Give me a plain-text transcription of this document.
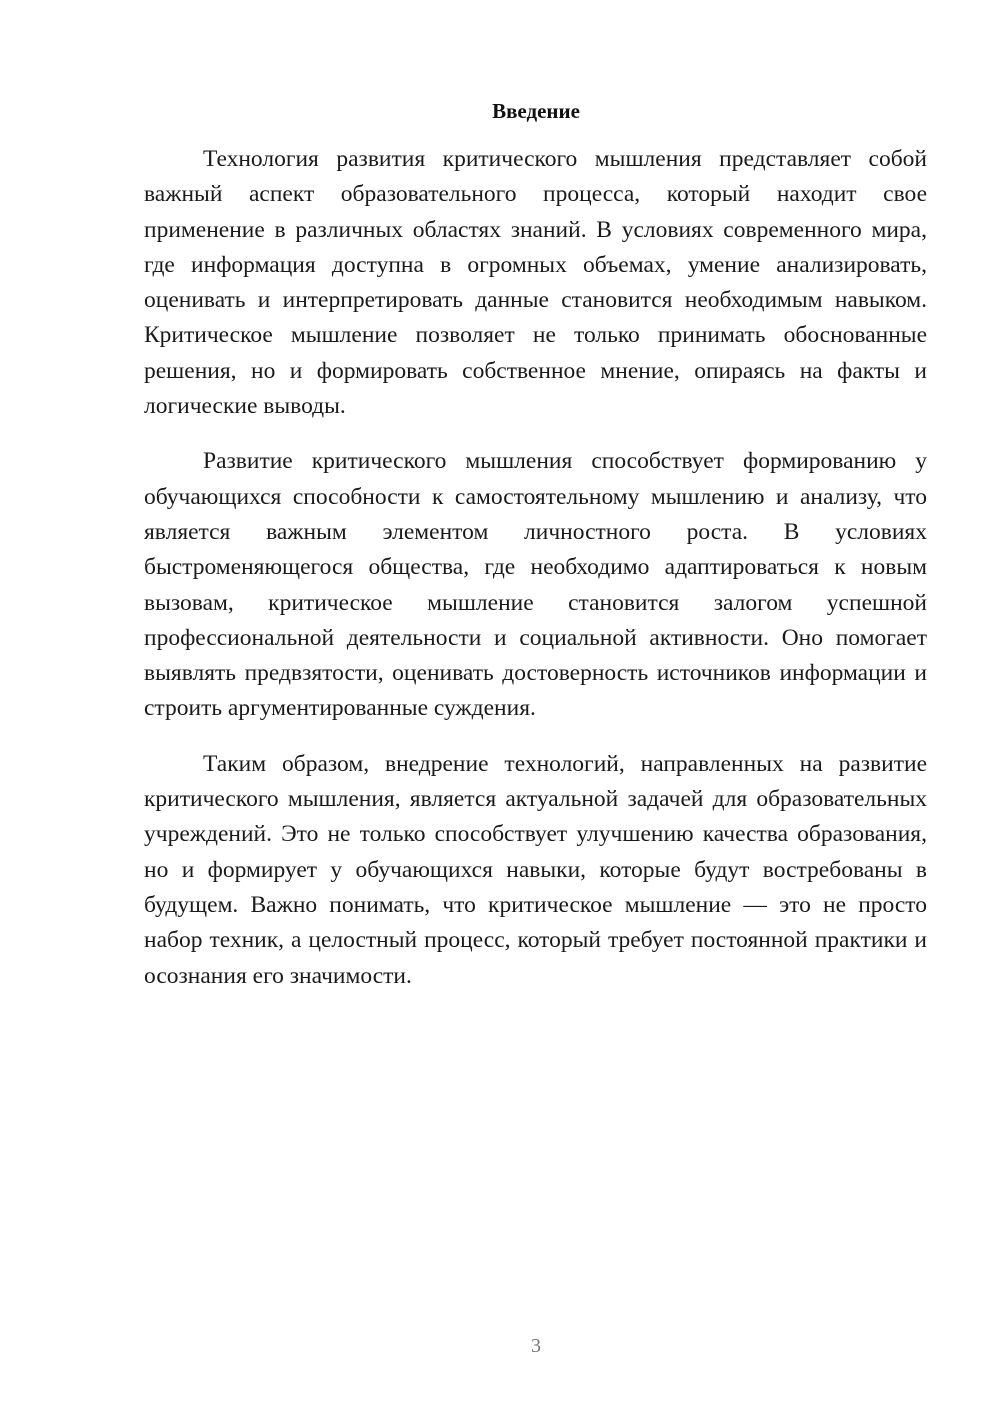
Введение

Технология развития критического мышления представляет собой важный аспект образовательного процесса, который находит свое применение в различных областях знаний. В условиях современного мира, где информация доступна в огромных объемах, умение анализировать, оценивать и интерпретировать данные становится необходимым навыком. Критическое мышление позволяет не только принимать обоснованные решения, но и формировать собственное мнение, опираясь на факты и логические выводы.

Развитие критического мышления способствует формированию у обучающихся способности к самостоятельному мышлению и анализу, что является важным элементом личностного роста. В условиях быстроменяющегося общества, где необходимо адаптироваться к новым вызовам, критическое мышление становится залогом успешной профессиональной деятельности и социальной активности. Оно помогает выявлять предвзятости, оценивать достоверность источников информации и строить аргументированные суждения.

Таким образом, внедрение технологий, направленных на развитие критического мышления, является актуальной задачей для образовательных учреждений. Это не только способствует улучшению качества образования, но и формирует у обучающихся навыки, которые будут востребованы в будущем. Важно понимать, что критическое мышление — это не просто набор техник, а целостный процесс, который требует постоянной практики и осознания его значимости.

3
